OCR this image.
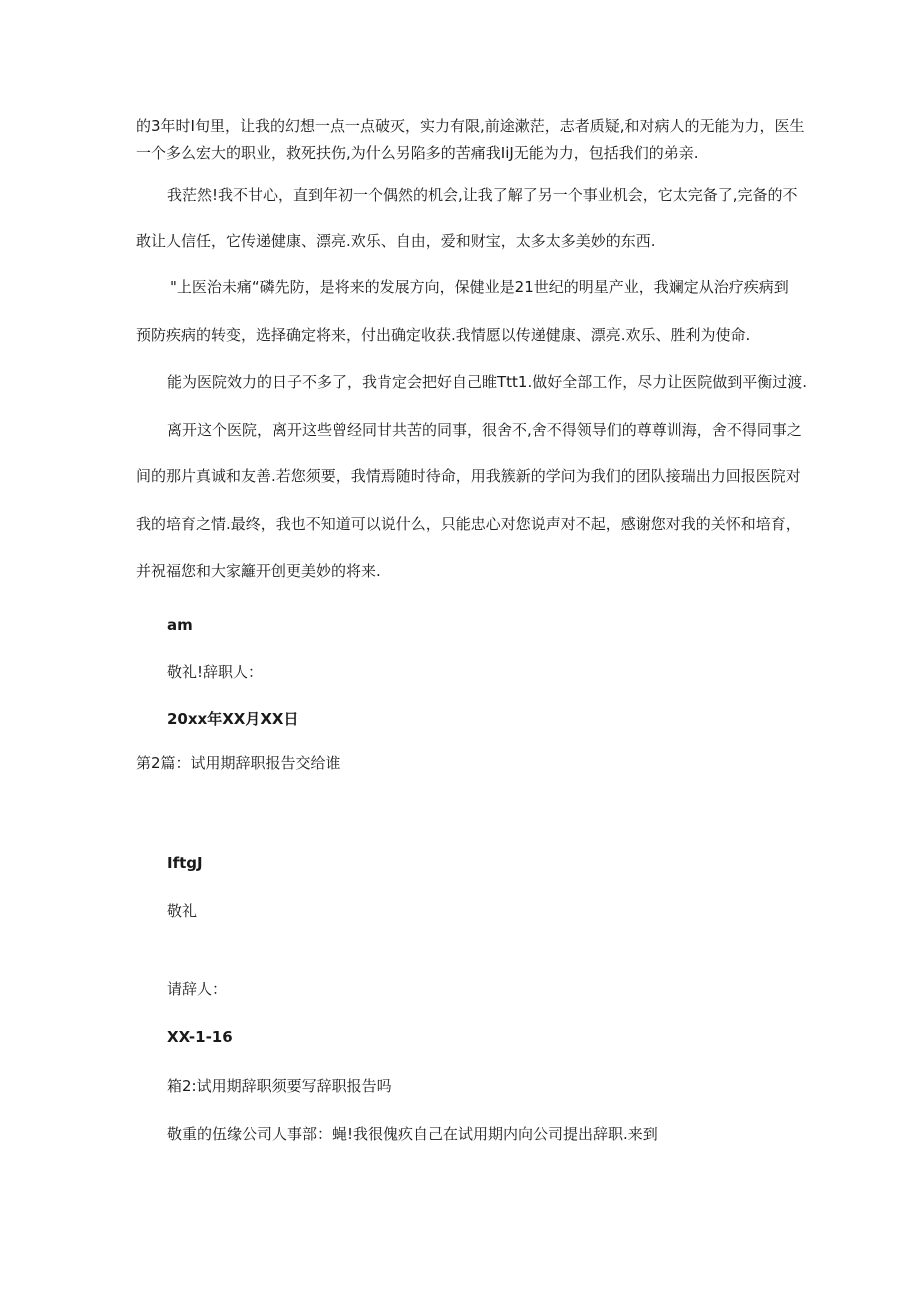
的3年时I旬里，让我的幻想一点一点破灭，实力有限,前途漱茫，志者质疑,和对病人的无能为力，医生
一个多么宏大的职业，救死扶伤,为什么另陷多的苦痛我IiJ无能为力，包括我们的弟亲.
我茫然!我不甘心，直到年初一个偶然的机会,让我了解了另一个事业机会，它太完备了,完备的不
敢让人信任，它传递健康、漂亮.欢乐、自由，爱和财宝，太多太多美妙的东西.
"上医治未痛“磷先防，是将来的发展方向，保健业是21世纪的明星产业，我斓定从治疗疾病到
预防疾病的转变，选择确定将来，付出确定收获.我情愿以传递健康、漂亮.欢乐、胜利为使命.
能为医院效力的日子不多了，我肯定会把好自己睢Ttt1.做好全部工作，尽力让医院做到平衡过渡.
离开这个医院，离开这些曾经同甘共苦的同事，很舍不,舍不得领导们的尊尊训海，舍不得同事之
间的那片真诚和友善.若您须要，我情焉随时待命，用我簇新的学问为我们的团队接瑞出力回报医院对
我的培育之情.最终，我也不知道可以说什么，只能忠心对您说声对不起，感谢您对我的关怀和培育，
并祝福您和大家籬开创更美妙的将来.
am
敬礼!辞职人：
20xx年XX月XX日
第2篇：试用期辞职报告交给谁
IftgJ
敬礼
请辞人：
XX-1-16
箱2:试用期辞职须要写辞职报告吗
敬重的伍缘公司人事部：蝇!我很傀疚自己在试用期内向公司提出辞职.来到
